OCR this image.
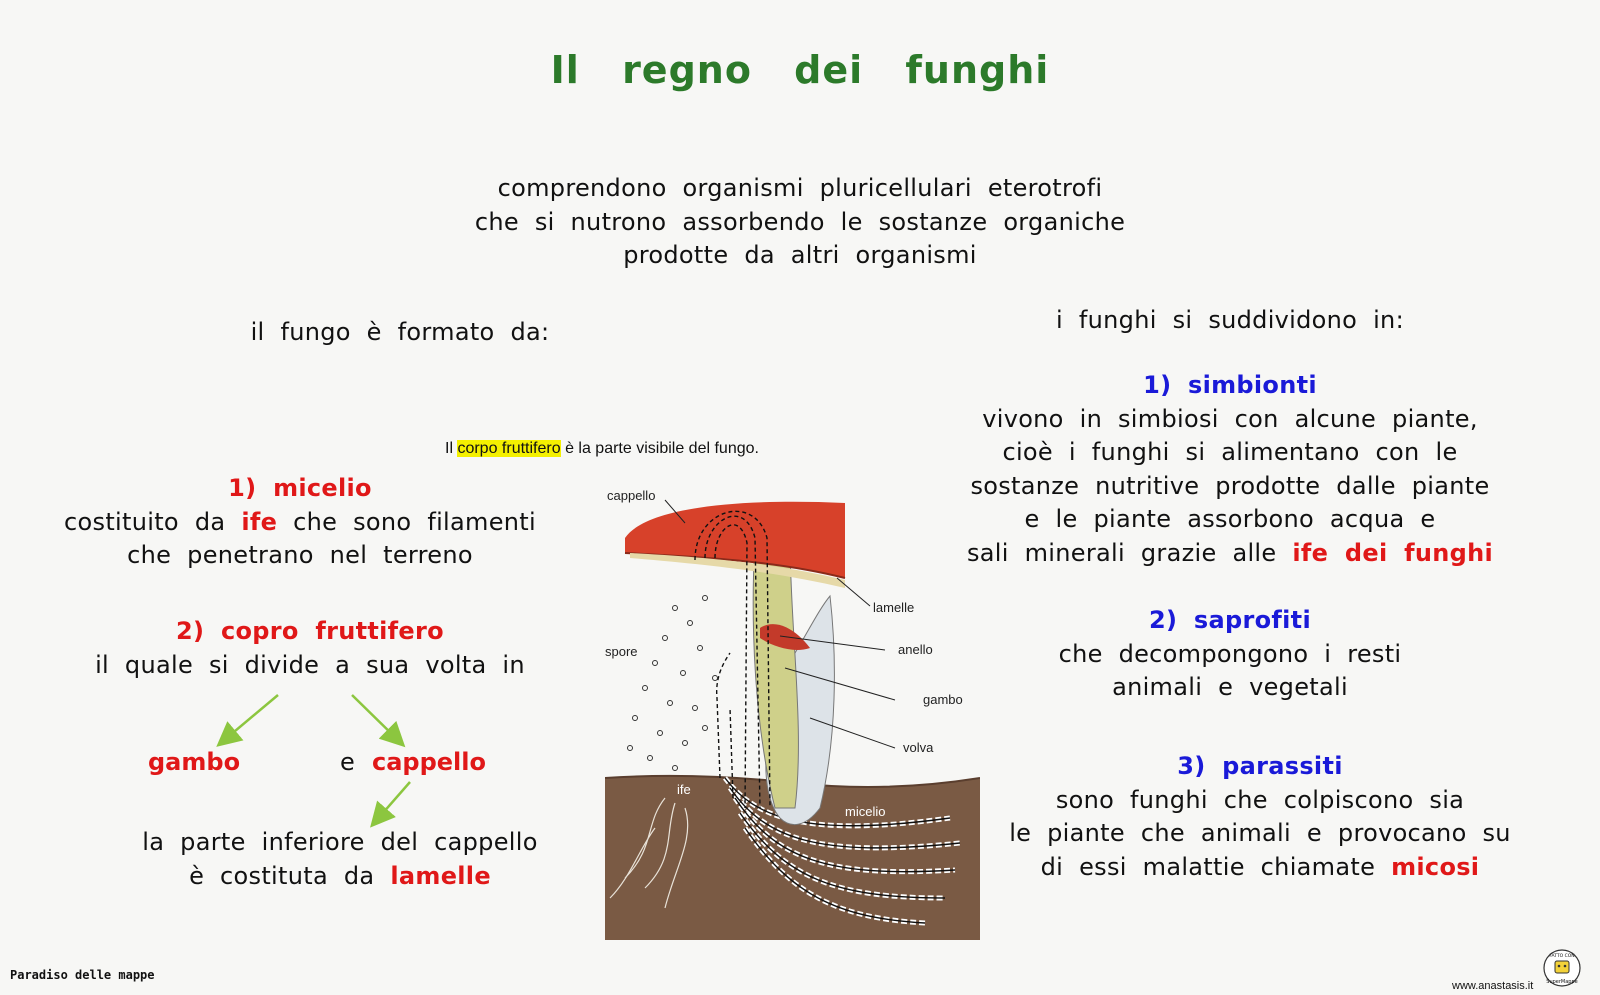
Il regno dei funghi
comprendono organismi pluricellulari eterotrofi
che si nutrono assorbendo le sostanze organiche
prodotte da altri organismi
il fungo è formato da:
1) micelio
costituito da ife che sono filamenti
che penetrano nel terreno
2) copro fruttifero
il quale si divide a sua volta in
gambo	e cappello
la parte inferiore del cappello
è costituta da lamelle
Il corpo fruttifero è la parte visibile del fungo.
cappello
lamelle
anello
gambo
volva
spore
ife
micelio
i funghi si suddividono in:
1) simbionti
vivono in simbiosi con alcune piante,
cioè i funghi si alimentano con le
sostanze nutritive prodotte dalle piante
e le piante assorbono acqua e
sali minerali grazie alle ife dei funghi
2) saprofiti
che decompongono i resti
animali e vegetali
3) parassiti
sono funghi che colpiscono sia
le piante che animali e provocano su
di essi malattie chiamate micosi
Paradiso delle mappe
www.anastasis.it
FATTO CON
SuperMappe
